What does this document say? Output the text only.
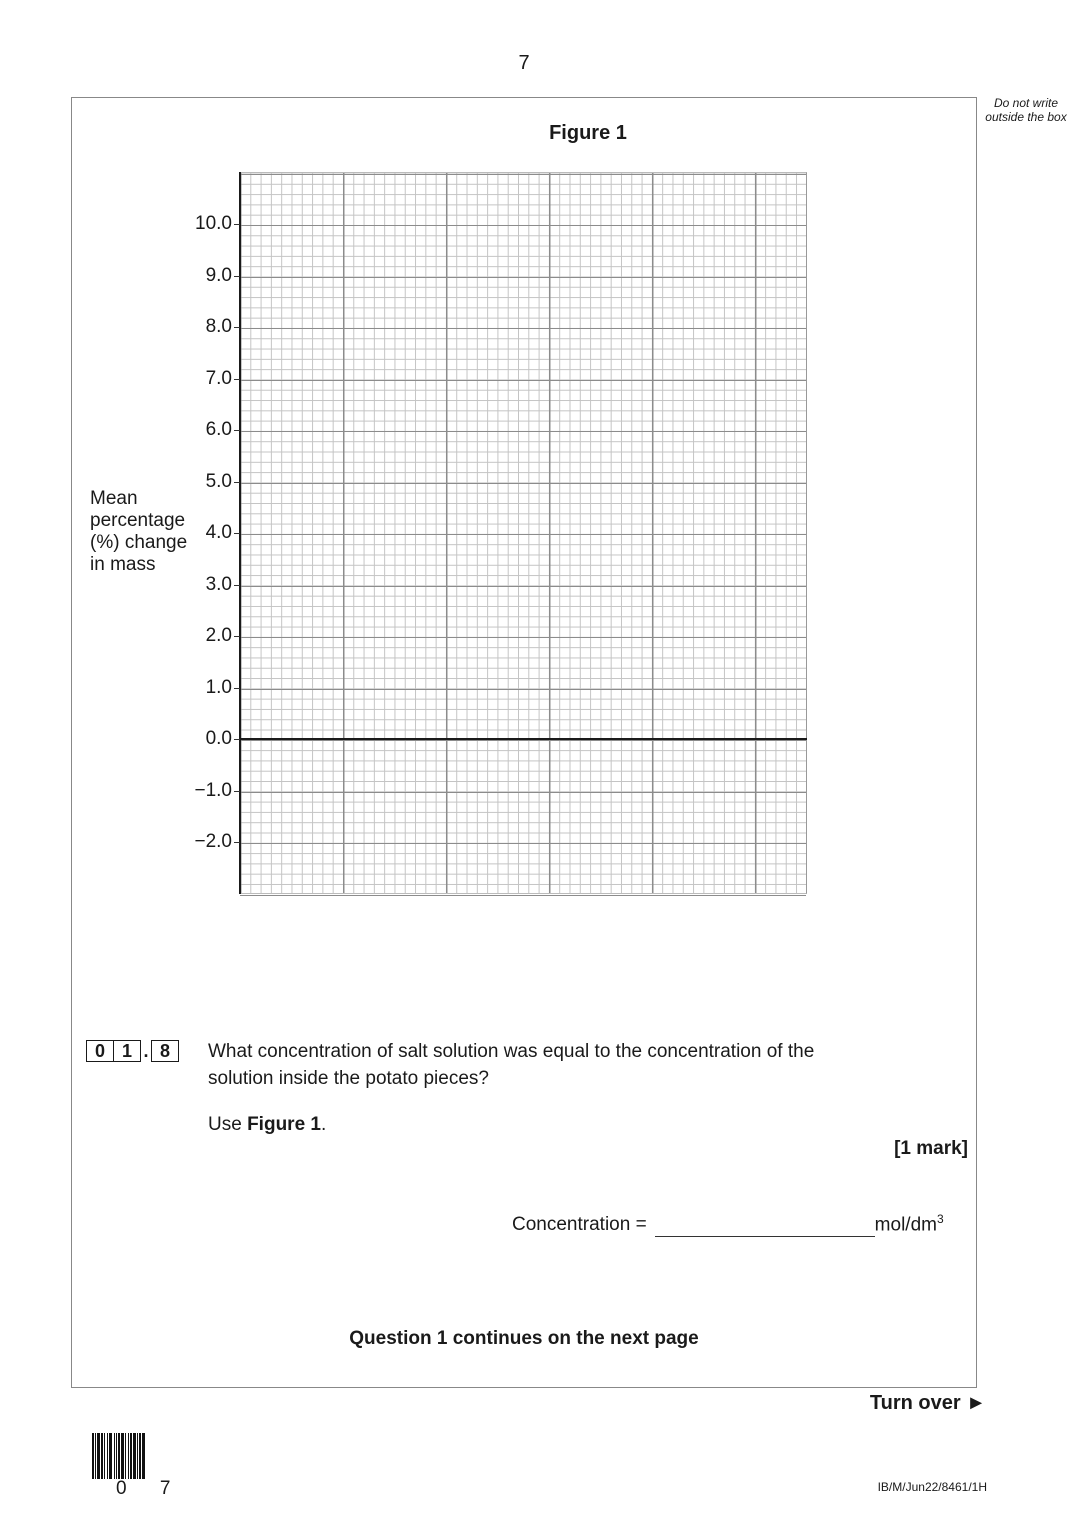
7
Do not write outside the box
Figure 1
10.0
9.0
8.0
7.0
6.0
5.0
4.0
3.0
2.0
1.0
0.0
−1.0
−2.0
Mean percentage (%) change in mass
0 1 . 8	What concentration of salt solution was equal to the concentration of the solution inside the potato pieces?
Use Figure 1.
[1 mark]
Concentration =	mol/$dm^3$
Question 1 continues on the next page
Turn over ►
0 7	IB/M/Jun22/8461/1H
